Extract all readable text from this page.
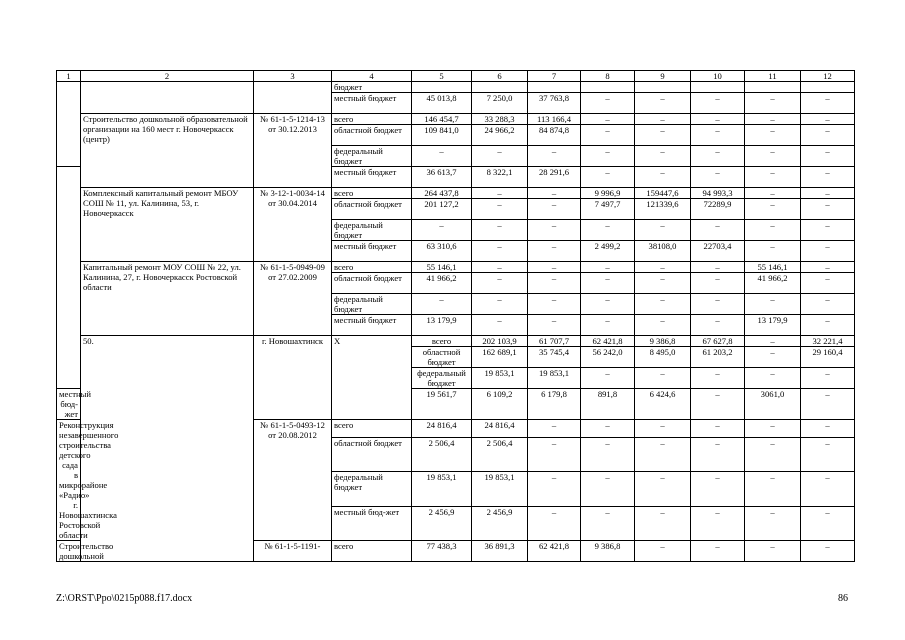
1	2	3	4	5	6	7	8	9	10	11	12	
			бюджет									
			местный бюджет	45 013,8	7 250,0	37 763,8	–	–	–	–	–	
	Строительство дошкольной образовательной организации на 160 мест г. Новочеркасск (центр)	№ 61-1-5-1214-13 от 30.12.2013	всего	146 454,7	33 288,3	113 166,4	–	–	–	–	–	
			областной бюджет	109 841,0	24 966,2	84 874,8	–	–	–	–	–	
			федеральный бюджет	–	–	–	–	–	–	–	–	
			местный бюджет	36 613,7	8 322,1	28 291,6	–	–	–	–	–	
	Комплексный капитальный ремонт МБОУ СОШ № 11, ул. Калинина, 53, г. Новочеркасск	№ 3-12-1-0034-14 от 30.04.2014	всего	264 437,8	–	–	9 996,9	159447,6	94 993,3	–	–	
			областной бюджет	201 127,2	–	–	7 497,7	121339,6	72289,9	–	–	
			федеральный бюджет	–	–	–	–	–	–	–	–	
			местный бюджет	63 310,6	–	–	2 499,2	38108,0	22703,4	–	–	
	Капитальный ремонт МОУ СОШ № 22, ул. Калинина, 27, г. Новочеркасск Ростовской области	№ 61-1-5-0949-09 от 27.02.2009	всего	55 146,1	–	–	–	–	–	55 146,1	–	
			областной бюджет	41 966,2	–	–	–	–	–	41 966,2	–	
			федеральный бюджет	–	–	–	–	–	–	–	–	
			местный бюджет	13 179,9	–	–	–	–	–	13 179,9	–	
	50.	г. Новошахтинск	Х	всего	202 103,9	61 707,7	62 421,8	9 386,8	67 627,8	–	32 221,4	
				областной бюджет	162 689,1	35 745,4	56 242,0	8 495,0	61 203,2	–	29 160,4	
				федеральный бюджет	19 853,1	19 853,1	–	–	–	–	–	
местный бюд-жет				19 561,7	6 109,2	6 179,8	891,8	6 424,6	–	3061,0	–	
Реконструкция незавершенного строительства детского сада в микрорайоне «Радио» г. Новошахтинска Ростовской области		№ 61-1-5-0493-12 от 20.08.2012	всего	24 816,4	24 816,4	–	–	–	–	–	–	
			областной бюджет	2 506,4	2 506,4	–	–	–	–	–	–	
			федеральный бюджет	19 853,1	19 853,1	–	–	–	–	–	–	
			местный бюд-жет	2 456,9	2 456,9	–	–	–	–	–	–	
Строительство дошкольной		№ 61-1-5-1191-	всего	77 438,3	36 891,3	62 421,8	9 386,8	–	–	–	–	
Z:\ORST\Ppo\0215p088.f17.docx	86
